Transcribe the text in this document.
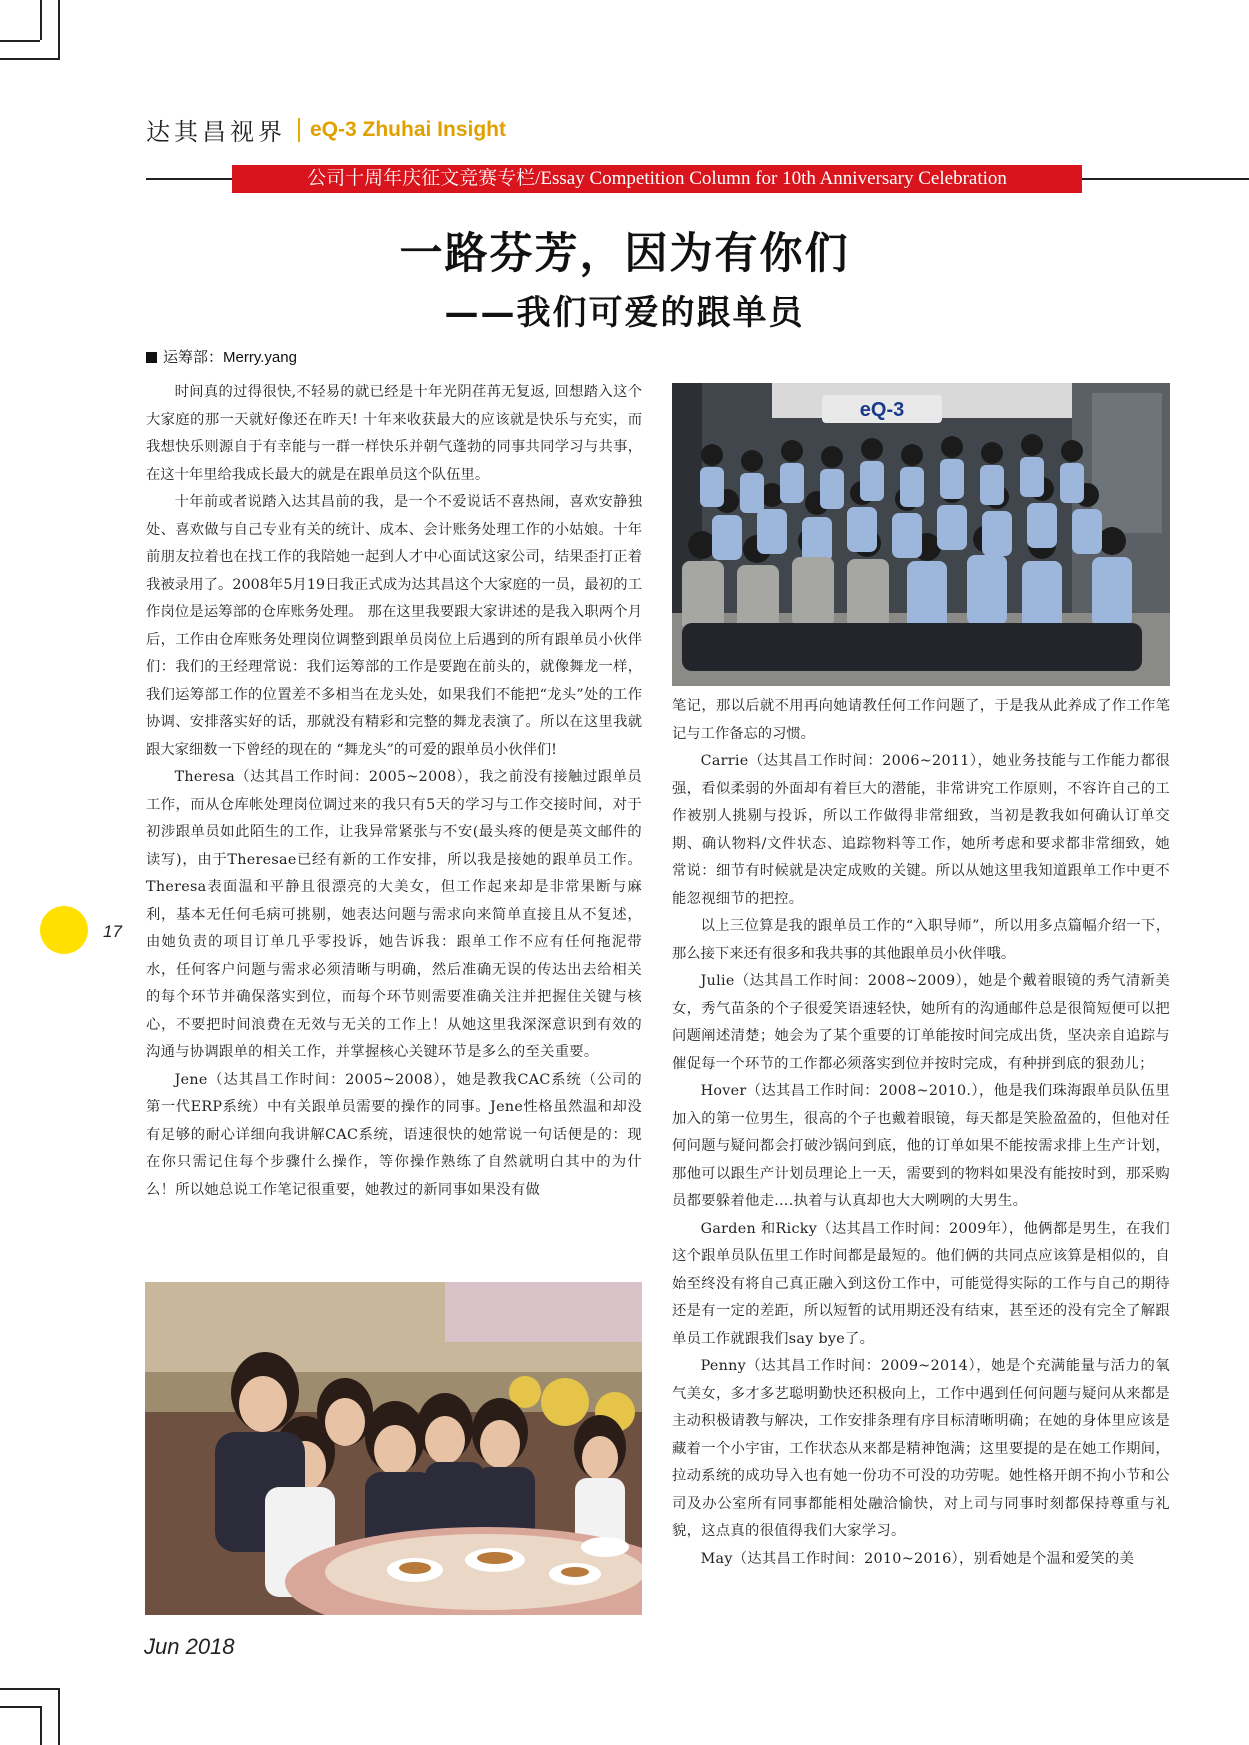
达其昌视界 eQ-3 Zhuhai Insight
公司十周年庆征文竞赛专栏/Essay Competition Column for 10th Anniversary Celebration
一路芬芳，因为有你们
——我们可爱的跟单员
运筹部：Merry.yang

时间真的过得很快,不轻易的就已经是十年光阴荏苒无复返, 回想踏入这个大家庭的那一天就好像还在昨天! 十年来收获最大的应该就是快乐与充实，而我想快乐则源自于有幸能与一群一样快乐并朝气蓬勃的同事共同学习与共事，在这十年里给我成长最大的就是在跟单员这个队伍里。

十年前或者说踏入达其昌前的我，是一个不爱说话不喜热闹，喜欢安静独处、喜欢做与自己专业有关的统计、成本、会计账务处理工作的小姑娘。十年前朋友拉着也在找工作的我陪她一起到人才中心面试这家公司，结果歪打正着我被录用了。2008年5月19日我正式成为达其昌这个大家庭的一员，最初的工作岗位是运筹部的仓库账务处理。 那在这里我要跟大家讲述的是我入职两个月后，工作由仓库账务处理岗位调整到跟单员岗位上后遇到的所有跟单员小伙伴们：我们的王经理常说：我们运筹部的工作是要跑在前头的，就像舞龙一样，我们运筹部工作的位置差不多相当在龙头处，如果我们不能把“龙头”处的工作协调、安排落实好的话，那就没有精彩和完整的舞龙表演了。所以在这里我就跟大家细数一下曾经的现在的 “舞龙头”的可爱的跟单员小伙伴们!

Theresa（达其昌工作时间：2005~2008），我之前没有接触过跟单员工作，而从仓库帐处理岗位调过来的我只有5天的学习与工作交接时间，对于初涉跟单员如此陌生的工作，让我异常紧张与不安(最头疼的便是英文邮件的读写)，由于Theresae已经有新的工作安排，所以我是接她的跟单员工作。Theresa表面温和平静且很漂亮的大美女，但工作起来却是非常果断与麻利，基本无任何毛病可挑剔，她表达问题与需求向来简单直接且从不复述，由她负责的项目订单几乎零投诉，她告诉我：跟单工作不应有任何拖泥带水，任何客户问题与需求必须清晰与明确，然后准确无误的传达出去给相关的每个环节并确保落实到位，而每个环节则需要准确关注并把握住关键与核心，不要把时间浪费在无效与无关的工作上！从她这里我深深意识到有效的沟通与协调跟单的相关工作，并掌握核心关键环节是多么的至关重要。

Jene（达其昌工作时间：2005~2008），她是教我CAC系统（公司的第一代ERP系统）中有关跟单员需要的操作的同事。Jene性格虽然温和却没有足够的耐心详细向我讲解CAC系统，语速很快的她常说一句话便是的：现在你只需记住每个步骤什么操作，等你操作熟练了自然就明白其中的为什么！所以她总说工作笔记很重要，她教过的新同事如果没有做

eQ-3

笔记，那以后就不用再向她请教任何工作问题了，于是我从此养成了作工作笔记与工作备忘的习惯。

Carrie（达其昌工作时间：2006~2011），她业务技能与工作能力都很强，看似柔弱的外面却有着巨大的潜能，非常讲究工作原则，不容许自己的工作被别人挑剔与投诉，所以工作做得非常细致，当初是教我如何确认订单交期、确认物料/文件状态、追踪物料等工作，她所考虑和要求都非常细致，她常说：细节有时候就是决定成败的关键。所以从她这里我知道跟单工作中更不能忽视细节的把控。

以上三位算是我的跟单员工作的“入职导师”，所以用多点篇幅介绍一下，那么接下来还有很多和我共事的其他跟单员小伙伴哦。

Julie（达其昌工作时间：2008~2009），她是个戴着眼镜的秀气清新美女，秀气苗条的个子很爱笑语速轻快，她所有的沟通邮件总是很简短便可以把问题阐述清楚；她会为了某个重要的订单能按时间完成出货，坚决亲自追踪与催促每一个环节的工作都必须落实到位并按时完成，有种拼到底的狠劲儿；

Hover（达其昌工作时间：2008~2010.），他是我们珠海跟单员队伍里加入的第一位男生，很高的个子也戴着眼镜，每天都是笑脸盈盈的，但他对任何问题与疑问都会打破沙锅问到底，他的订单如果不能按需求排上生产计划，那他可以跟生产计划员理论上一天，需要到的物料如果没有能按时到，那采购员都要躲着他走….执着与认真却也大大咧咧的大男生。

Garden 和Ricky（达其昌工作时间：2009年），他俩都是男生，在我们这个跟单员队伍里工作时间都是最短的。他们俩的共同点应该算是相似的，自始至终没有将自己真正融入到这份工作中，可能觉得实际的工作与自己的期待还是有一定的差距，所以短暂的试用期还没有结束，甚至还的没有完全了解跟单员工作就跟我们say bye了。

Penny（达其昌工作时间：2009~2014），她是个充满能量与活力的氧气美女，多才多艺聪明勤快还积极向上，工作中遇到任何问题与疑问从来都是主动积极请教与解决，工作安排条理有序目标清晰明确；在她的身体里应该是藏着一个小宇宙，工作状态从来都是精神饱满；这里要提的是在她工作期间，拉动系统的成功导入也有她一份功不可没的功劳呢。她性格开朗不拘小节和公司及办公室所有同事都能相处融洽愉快，对上司与同事时刻都保持尊重与礼貌，这点真的很值得我们大家学习。

May（达其昌工作时间：2010~2016），别看她是个温和爱笑的美

17
Jun 2018
